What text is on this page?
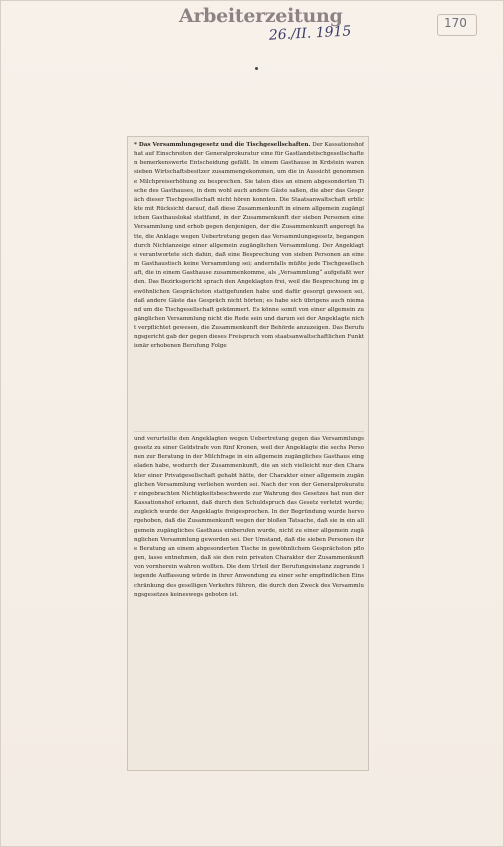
Arbeiterzeitung
26./II. 1915
170
* Das Versammlungsgesetz und die Tischgesellschaften. Der Kassationshof hat auf Einschreiten der Generalprokuratur eine für Gastlandstischgesellschaften bemerkenswerte Entscheidung gefällt. In einem Gasthause in Krdstein waren sieben Wirtschaftsbesitzer zusammengekommen, um die in Aussicht genommene Milchpreiserhöhung zu besprechen. Sie taten dies an einem abgesonderten Tische des Gasthauses, in dem wohl auch andere Gäste saßen, die aber das Gespräch dieser Tischgesellschaft nicht hören konnten. Die Staatsanwaltschaft erblickte mit Rücksicht darauf, daß diese Zusammenkunft in einem allgemein zugänglichen Gasthauslokal stattfand, in der Zusammenkunft der sieben Personen eine Versammlung und erhob gegen denjenigen, der die Zusammenkunft angeregt hatte, die Anklage wegen Uebertretung gegen das Versammlungsgesetz, begangen durch Nichtanzeige einer allgemein zugänglichen Versammlung. Der Angeklagte verantwortete sich dahin, daß eine Besprechung von sieben Personen an einem Gasthaustisch keine Versammlung sei; andernfalls müßte jede Tischgesellschaft, die in einem Gasthause zusammenkomme, als „Versammlung“ aufgefaßt werden. Das Bezirksgericht sprach den Angeklagten frei, weil die Besprechung im gewöhnlichen Gesprächston stattgefunden habe und dafür gesorgt gewesen sei, daß andere Gäste das Gespräch nicht hörten; es habe sich übrigens auch niemand um die Tischgesellschaft gekümmert. Es könne somit von einer allgemein zugänglichen Versammlung nicht die Rede sein und darum sei der Angeklagte nicht verpflichtet gewesen, die Zusammenkunft der Behörde anzuzeigen. Das Berufungsgericht gab der gegen dieses Freispruch vom staatsanwaltschaftlichen Funktionär erhobenen Berufung Folge
und verurteilte den Angeklagten wegen Uebertretung gegen das Versammlungsgesetz zu einer Geldstrafe von fünf Kronen, weil der Angeklagte die sechs Personen zur Beratung in der Milchfrage in ein allgemein zugängliches Gasthaus eingeladen habe, wodurch der Zusammenkunft, die an sich vielleicht nur den Charakter einer Privatgesellschaft gehabt hätte, der Charakter einer allgemein zugänglichen Versammlung verliehen worden sei. Nach der von der Generalprokuratur eingebrachten Nichtigkeitsbeschwerde zur Wahrung des Gesetzes hat nun der Kassationshof erkannt, daß durch den Schuldspruch das Gesetz verletzt wurde; zugleich wurde der Angeklagte freigesprochen. In der Begründung wurde hervorgehoben, daß die Zusammenkunft wegen der bloßen Tatsache, daß sie in ein allgemein zugängliches Gasthaus einberufen wurde, nicht zu einer allgemein zugänglichen Versammlung geworden sei. Der Umstand, daß die sieben Personen ihre Beratung an einem abgesonderten Tische in gewöhnlichem Gesprächston pflogen, lasse entnehmen, daß sie den rein privaten Charakter der Zusammenkunft von vornherein wahren wollten. Die dem Urteil der Berufungsinstanz zugrunde liegende Auffassung würde in ihrer Anwendung zu einer sehr empfindlichen Einschränkung des geselligen Verkehrs führen, die durch den Zweck des Versammlungsgesetzes keineswegs geboten ist.
